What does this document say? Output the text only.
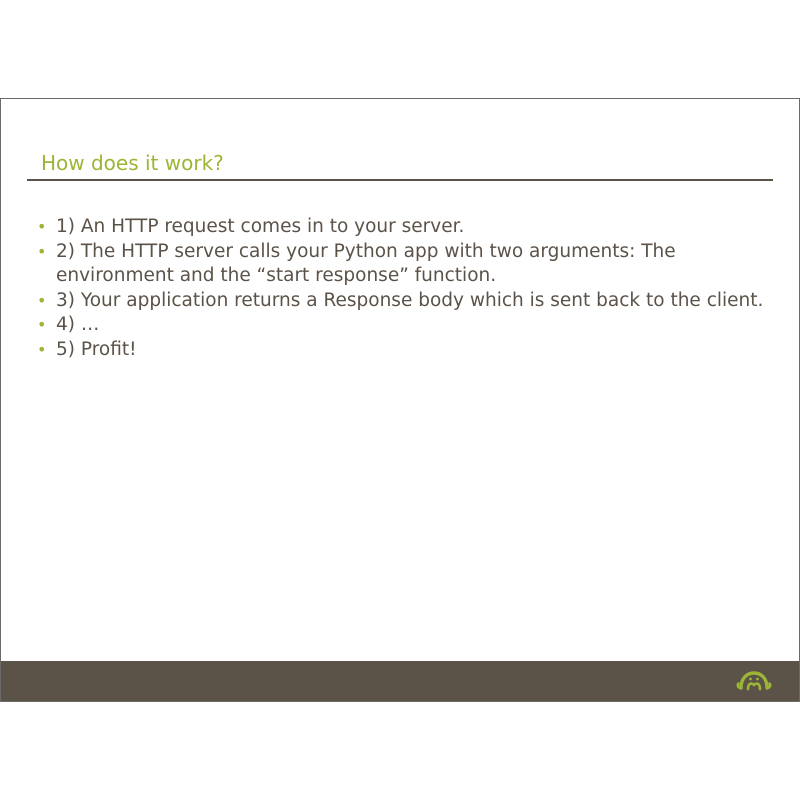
How does it work?
• 1) An HTTP request comes in to your server.
• 2) The HTTP server calls your Python app with two arguments: The environment and the “start response” function.
• 3) Your application returns a Response body which is sent back to the client.
• 4) …
• 5) Profit!
